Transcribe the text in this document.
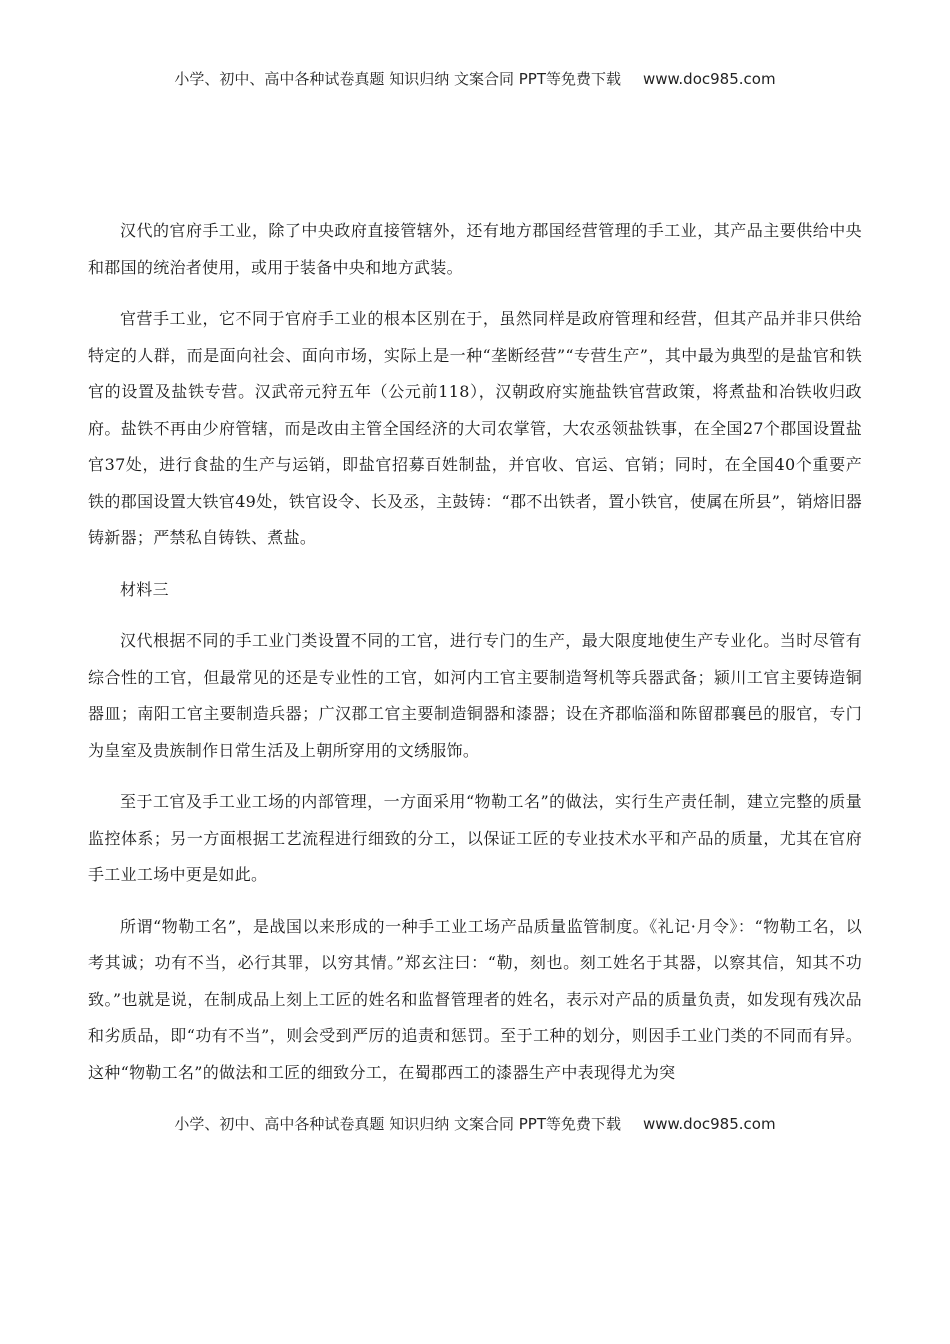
小学、初中、高中各种试卷真题 知识归纳 文案合同 PPT等免费下载 www.doc985.com

汉代的官府手工业，除了中央政府直接管辖外，还有地方郡国经营管理的手工业，其产品主要供给中央和郡国的统治者使用，或用于装备中央和地方武装。

官营手工业，它不同于官府手工业的根本区别在于，虽然同样是政府管理和经营，但其产品并非只供给特定的人群，而是面向社会、面向市场，实际上是一种“垄断经营”“专营生产”，其中最为典型的是盐官和铁官的设置及盐铁专营。汉武帝元狩五年（公元前118），汉朝政府实施盐铁官营政策，将煮盐和冶铁收归政府。盐铁不再由少府管辖，而是改由主管全国经济的大司农掌管，大农丞领盐铁事，在全国27个郡国设置盐官37处，进行食盐的生产与运销，即盐官招募百姓制盐，并官收、官运、官销；同时，在全国40个重要产铁的郡国设置大铁官49处，铁官设令、长及丞，主鼓铸：“郡不出铁者，置小铁官，使属在所县”，销熔旧器铸新器；严禁私自铸铁、煮盐。

材料三

汉代根据不同的手工业门类设置不同的工官，进行专门的生产，最大限度地使生产专业化。当时尽管有综合性的工官，但最常见的还是专业性的工官，如河内工官主要制造弩机等兵器武备；颍川工官主要铸造铜器皿；南阳工官主要制造兵器；广汉郡工官主要制造铜器和漆器；设在齐郡临淄和陈留郡襄邑的服官，专门为皇室及贵族制作日常生活及上朝所穿用的文绣服饰。

至于工官及手工业工场的内部管理，一方面采用“物勒工名”的做法，实行生产责任制，建立完整的质量监控体系；另一方面根据工艺流程进行细致的分工，以保证工匠的专业技术水平和产品的质量，尤其在官府手工业工场中更是如此。

所谓“物勒工名”，是战国以来形成的一种手工业工场产品质量监管制度。《礼记·月令》：“物勒工名，以考其诚；功有不当，必行其罪，以穷其情。”郑玄注曰：“勒，刻也。刻工姓名于其器，以察其信，知其不功致。”也就是说，在制成品上刻上工匠的姓名和监督管理者的姓名，表示对产品的质量负责，如发现有残次品和劣质品，即“功有不当”，则会受到严厉的追责和惩罚。至于工种的划分，则因手工业门类的不同而有异。这种“物勒工名”的做法和工匠的细致分工，在蜀郡西工的漆器生产中表现得尤为突

小学、初中、高中各种试卷真题 知识归纳 文案合同 PPT等免费下载 www.doc985.com
